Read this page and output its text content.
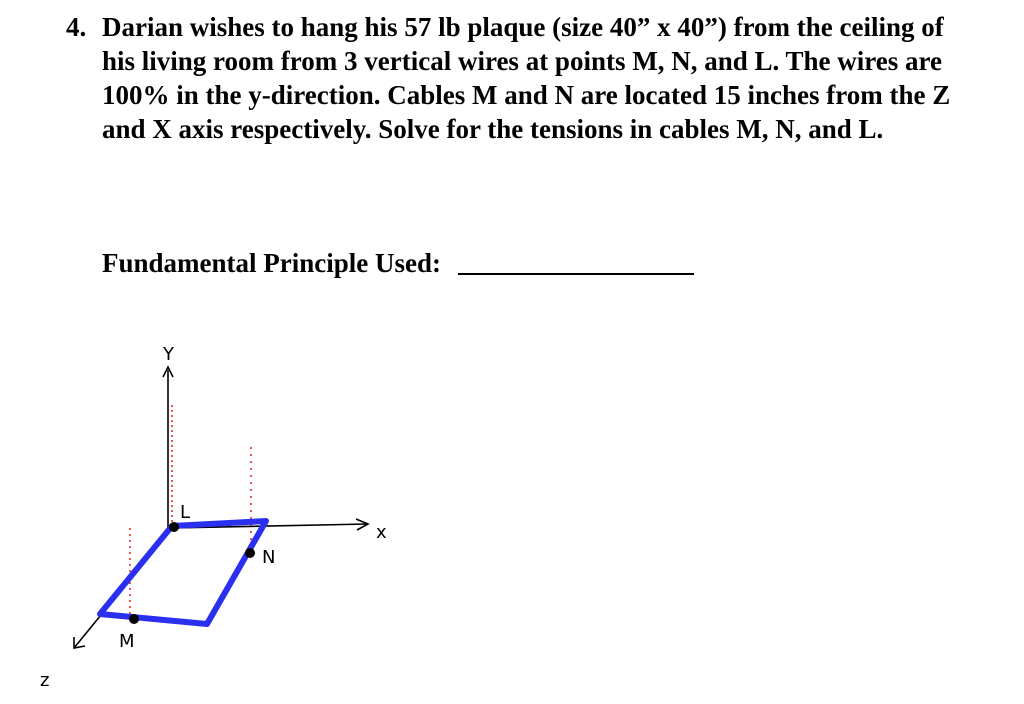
4. Darian wishes to hang his 57 lb plaque (size 40” x 40”) from the ceiling of his living room from 3 vertical wires at points M, N, and L. The wires are 100% in the y-direction. Cables M and N are located 15 inches from the Z and X axis respectively. Solve for the tensions in cables M, N, and L.
Fundamental Principle Used:
Y
x
z
L
N
M
